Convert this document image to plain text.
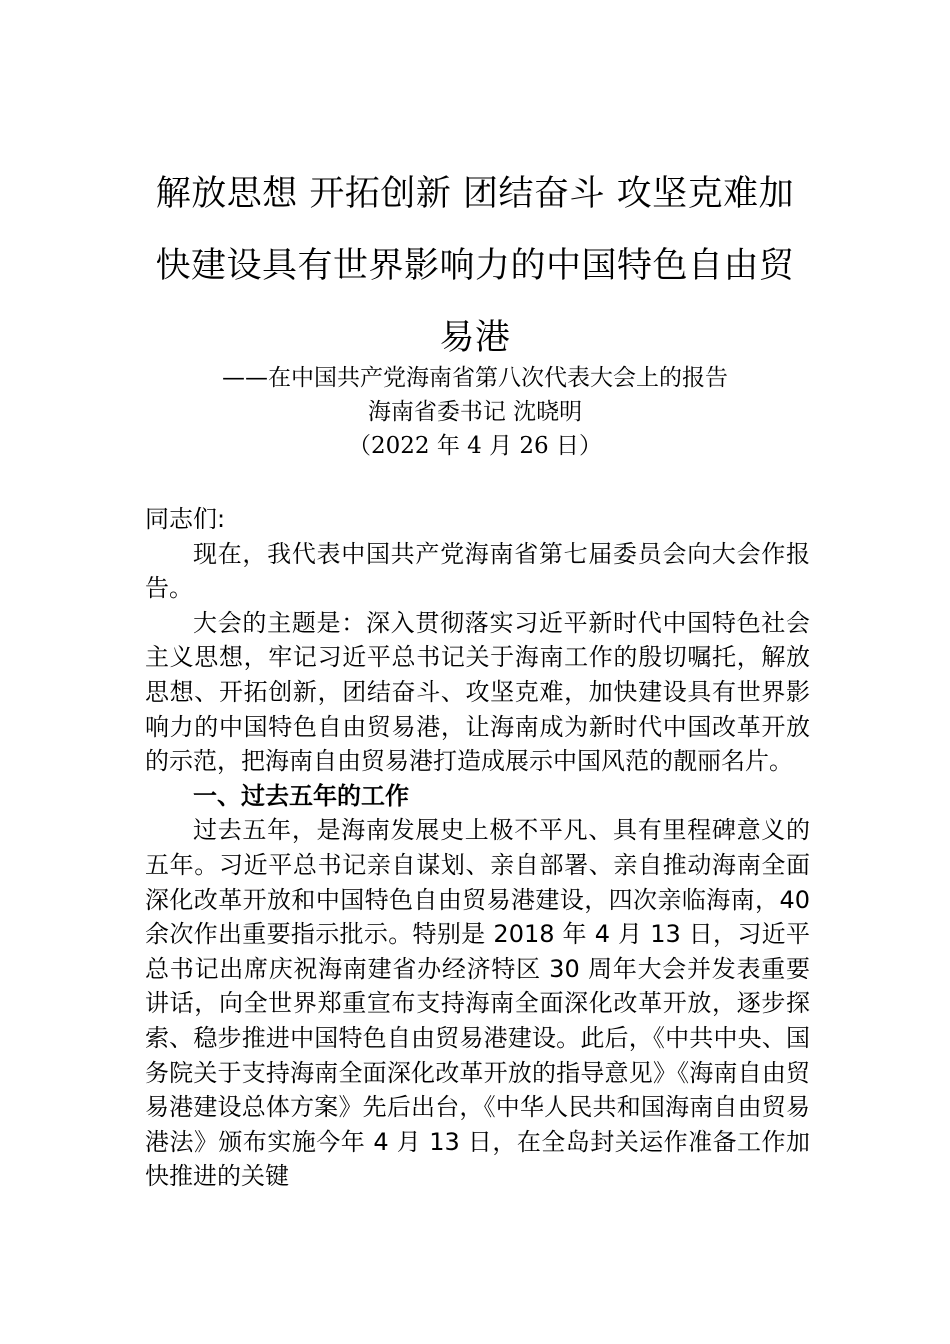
解放思想 开拓创新 团结奋斗 攻坚克难加
快建设具有世界影响力的中国特色自由贸
易港
——在中国共产党海南省第八次代表大会上的报告
海南省委书记 沈晓明
（2022 年 4 月 26 日）

同志们:

现在，我代表中国共产党海南省第七届委员会向大会作报告。

大会的主题是：深入贯彻落实习近平新时代中国特色社会主义思想，牢记习近平总书记关于海南工作的殷切嘱托，解放思想、开拓创新，团结奋斗、攻坚克难，加快建设具有世界影响力的中国特色自由贸易港，让海南成为新时代中国改革开放的示范，把海南自由贸易港打造成展示中国风范的靓丽名片。

一、过去五年的工作

过去五年，是海南发展史上极不平凡、具有里程碑意义的五年。习近平总书记亲自谋划、亲自部署、亲自推动海南全面深化改革开放和中国特色自由贸易港建设，四次亲临海南，40 余次作出重要指示批示。特别是 2018 年 4 月 13 日，习近平总书记出席庆祝海南建省办经济特区 30 周年大会并发表重要讲话，向全世界郑重宣布支持海南全面深化改革开放，逐步探索、稳步推进中国特色自由贸易港建设。此后，《中共中央、国务院关于支持海南全面深化改革开放的指导意见》《海南自由贸易港建设总体方案》先后出台，《中华人民共和国海南自由贸易港法》颁布实施今年 4 月 13 日，在全岛封关运作准备工作加快推进的关键
